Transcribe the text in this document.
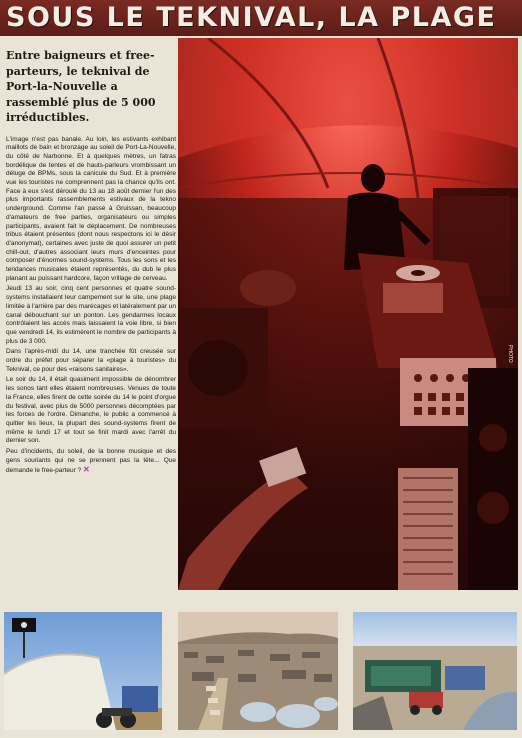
SOUS LE TEKNIVAL, LA PLAGE

Entre baigneurs et free-parteurs, le teknival de Port-la-Nouvelle a rassemblé plus de 5 000 irréductibles.

L'image n'est pas banale. Au loin, les estivants exhibant maillots de bain et bronzage au soleil de Port-La-Nouvelle, du côté de Narbonne. Et à quelques mètres, un fatras bordélique de tentes et de hauts-parleurs vrombissant un déluge de BPMs, sous la canicule du Sud. Et à première vue les touristes ne comprennent pas la chance qu'ils ont. Face à eux s'est déroulé du 13 au 18 août dernier l'un des plus importants rassemblements estivaux de la tekno underground. Comme l'an passé à Gruissan, beaucoup d'amateurs de free parties, organisateurs ou simples participants, avaient fait le déplacement. De nombreuses tribus étaient présentes (dont nous respectons ici le désir d'anonymat), certaines avec juste de quoi assurer un petit chill-out, d'autres associant leurs murs d'enceintes pour composer d'énormes sound-systems. Tous les sons et les tendances musicales étaient représentés, du dub le plus planant au puissant hardcore, façon vrillage de cerveau.

Jeudi 13 au soir, cinq cent personnes et quatre sound-systems installaient leur campement sur le site, une plage limitée à l'arrière par des marécages et latéralement par un canal débouchant sur un ponton. Les gendarmes locaux contrôlaient les accès mais laissaient la voie libre, si bien que vendredi 14, ils estimèrent le nombre de participants à plus de 3 000.

Dans l'après-midi du 14, une tranchée fût creusée sur ordre du préfet pour séparer la «plage à touristes» du Teknival, ce pour des «raisons sanitaires».

Le soir du 14, il était quasiment impossible de dénombrer les sonos tant elles étaient nombreuses. Venues de toute la France, elles firent de cette soirée du 14 le point d'orgue du festival, avec plus de 5000 personnes décomptées par les forces de l'ordre. Dimanche, le public a commencé à quitter les lieux, la plupart des sound-systems firent de même le lundi 17 et tout se finit mardi avec l'arrêt du dernier son.

Peu d'incidents, du soleil, de la bonne musique et des gens souriants qui ne se prennent pas la tête... Que demande le free-parteur ? ✕

PHOTO
